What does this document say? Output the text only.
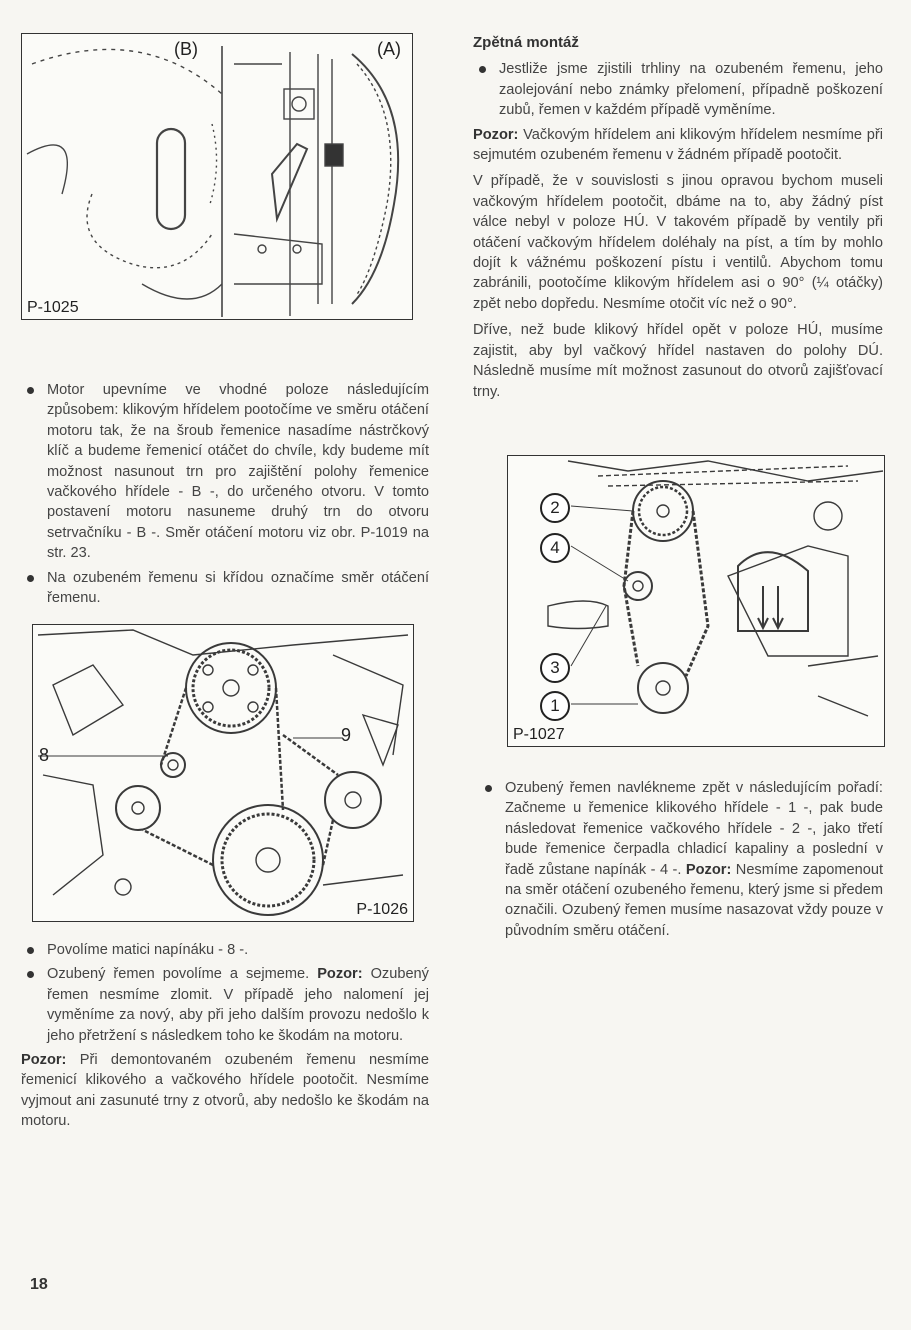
P-1025
(B)	(A)
Motor upevníme ve vhodné poloze následujícím způsobem: klikovým hřídelem pootočíme ve směru otáčení motoru tak, že na šroub řemenice nasadíme nástrčkový klíč a budeme řemenicí otáčet do chvíle, kdy budeme mít možnost nasunout trn pro zajištění polohy řemenice vačkového hřídele - B -, do určeného otvoru. V tomto postavení motoru nasuneme druhý trn do otvoru setrvačníku - B -. Směr otáčení motoru viz obr. P-1019 na str. 23.
Na ozubeném řemenu si křídou označíme směr otáčení řemenu.
8
9
P-1026
Povolíme matici napínáku - 8 -.
Ozubený řemen povolíme a sejmeme. Pozor: Ozubený řemen nesmíme zlomit. V případě jeho nalomení jej vyměníme za nový, aby při jeho dalším provozu nedošlo k jeho přetržení s následkem toho ke škodám na motoru.

Pozor: Při demontovaném ozubeném řemenu nesmíme řemenicí klikového a vačkového hřídele pootočit. Nesmíme vyjmout ani zasunuté trny z otvorů, aby nedošlo ke škodám na motoru.

Zpětná montáž
Jestliže jsme zjistili trhliny na ozubeném řemenu, jeho zaolejování nebo známky přelomení, případně poškození zubů, řemen v každém případě vyměníme.

Pozor: Vačkovým hřídelem ani klikovým hřídelem nesmíme při sejmutém ozubeném řemenu v žádném případě pootočit.

V případě, že v souvislosti s jinou opravou bychom museli vačkovým hřídelem pootočit, dbáme na to, aby žádný píst válce nebyl v poloze HÚ. V takovém případě by ventily při otáčení vačkovým hřídelem doléhaly na píst, a tím by mohlo dojít k vážnému poškození pístu i ventilů. Abychom tomu zabránili, pootočíme klikovým hřídelem asi o 90° (¼ otáčky) zpět nebo dopředu. Nesmíme otočit víc než o 90°.

Dříve, než bude klikový hřídel opět v poloze HÚ, musíme zajistit, aby byl vačkový hřídel nastaven do polohy DÚ. Následně musíme mít možnost zasunout do otvorů zajišťovací trny.

2
4
3
1
P-1027
Ozubený řemen navlékneme zpět v následujícím pořadí: Začneme u řemenice klikového hřídele - 1 -, pak bude následovat řemenice vačkového hřídele - 2 -, jako třetí bude řemenice čerpadla chladicí kapaliny a poslední v řadě zůstane napínák - 4 -. Pozor: Nesmíme zapomenout na směr otáčení ozubeného řemenu, který jsme si předem označili. Ozubený řemen musíme nasazovat vždy pouze v původním směru otáčení.
18
